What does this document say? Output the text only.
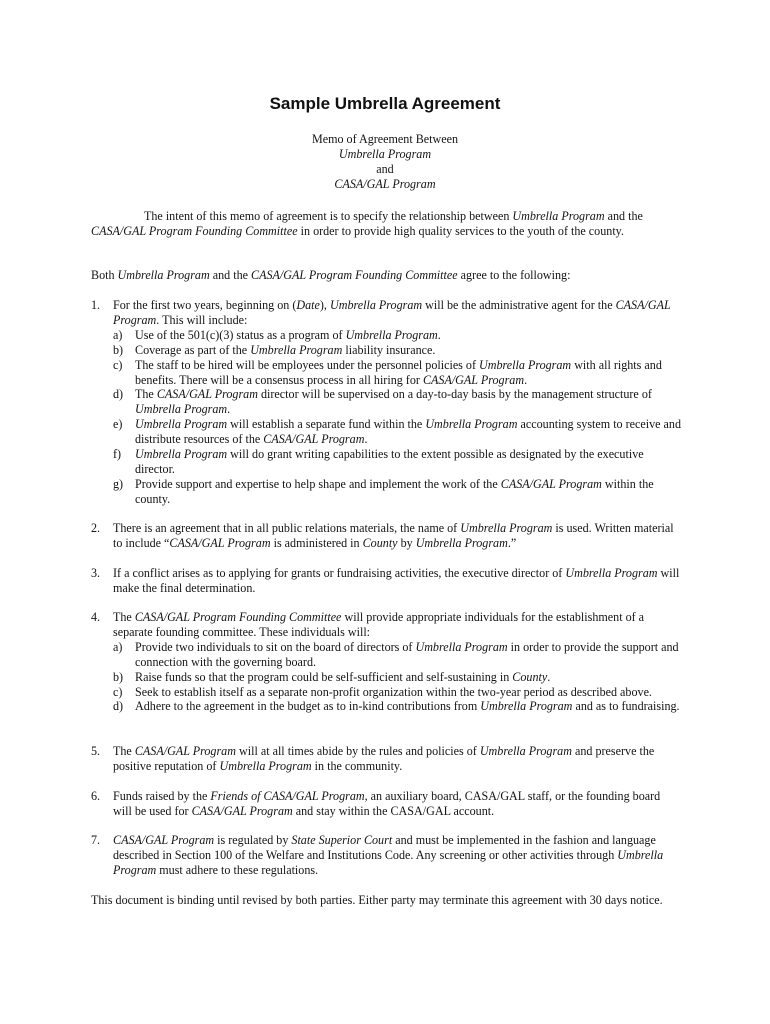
Sample Umbrella Agreement
Memo of Agreement Between
Umbrella Program
and
CASA/GAL Program
The intent of this memo of agreement is to specify the relationship between Umbrella Program and the CASA/GAL Program Founding Committee in order to provide high quality services to the youth of the county.
Both Umbrella Program and the CASA/GAL Program Founding Committee agree to the following:
1. For the first two years, beginning on (Date), Umbrella Program will be the administrative agent for the CASA/GAL Program. This will include:
a) Use of the 501(c)(3) status as a program of Umbrella Program.
b) Coverage as part of the Umbrella Program liability insurance.
c) The staff to be hired will be employees under the personnel policies of Umbrella Program with all rights and benefits. There will be a consensus process in all hiring for CASA/GAL Program.
d) The CASA/GAL Program director will be supervised on a day-to-day basis by the management structure of Umbrella Program.
e) Umbrella Program will establish a separate fund within the Umbrella Program accounting system to receive and distribute resources of the CASA/GAL Program.
f) Umbrella Program will do grant writing capabilities to the extent possible as designated by the executive director.
g) Provide support and expertise to help shape and implement the work of the CASA/GAL Program within the county.
2. There is an agreement that in all public relations materials, the name of Umbrella Program is used. Written material to include “CASA/GAL Program is administered in County by Umbrella Program.”
3. If a conflict arises as to applying for grants or fundraising activities, the executive director of Umbrella Program will make the final determination.
4. The CASA/GAL Program Founding Committee will provide appropriate individuals for the establishment of a separate founding committee. These individuals will:
a) Provide two individuals to sit on the board of directors of Umbrella Program in order to provide the support and connection with the governing board.
b) Raise funds so that the program could be self-sufficient and self-sustaining in County.
c) Seek to establish itself as a separate non-profit organization within the two-year period as described above.
d) Adhere to the agreement in the budget as to in-kind contributions from Umbrella Program and as to fundraising.
5. The CASA/GAL Program will at all times abide by the rules and policies of Umbrella Program and preserve the positive reputation of Umbrella Program in the community.
6. Funds raised by the Friends of CASA/GAL Program, an auxiliary board, CASA/GAL staff, or the founding board will be used for CASA/GAL Program and stay within the CASA/GAL account.
7. CASA/GAL Program is regulated by State Superior Court and must be implemented in the fashion and language described in Section 100 of the Welfare and Institutions Code. Any screening or other activities through Umbrella Program must adhere to these regulations.
This document is binding until revised by both parties. Either party may terminate this agreement with 30 days notice.
